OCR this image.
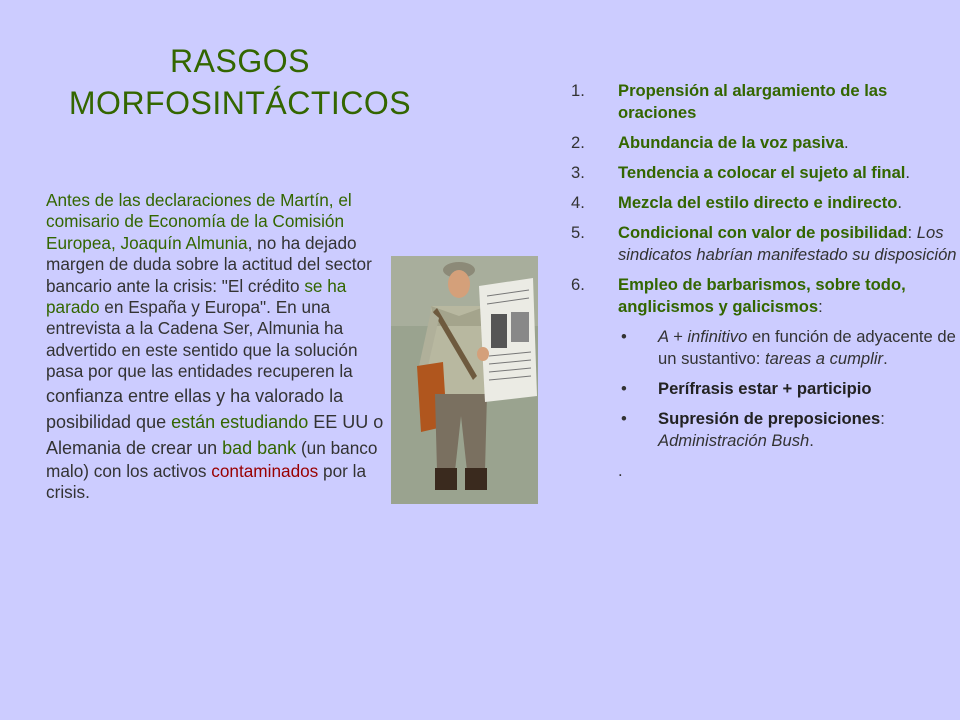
RASGOS
MORFOSINTÁCTICOS
Antes de las declaraciones de Martín, el comisario de Economía de la Comisión Europea, Joaquín Almunia, no ha dejado margen de duda sobre la actitud del sector bancario ante la crisis: "El crédito se ha parado en España y Europa". En una entrevista a la Cadena Ser, Almunia ha advertido en este sentido que la solución pasa por que las entidades recuperen la confianza entre ellas y ha valorado la posibilidad que están estudiando EE UU o Alemania de crear un bad bank (un banco malo) con los activos contaminados por la crisis.
1. Propensión al alargamiento de las oraciones
2. Abundancia de la voz pasiva.
3. Tendencia a colocar el sujeto al final.
4. Mezcla del estilo directo e indirecto.
5. Condicional con valor de posibilidad: Los sindicatos habrían manifestado su disposición
6. Empleo de barbarismos, sobre todo, anglicismos y galicismos:
• A + infinitivo en función de adyacente de un sustantivo: tareas a cumplir.
• Perífrasis estar + participio
• Supresión de preposiciones: Administración Bush.
.
